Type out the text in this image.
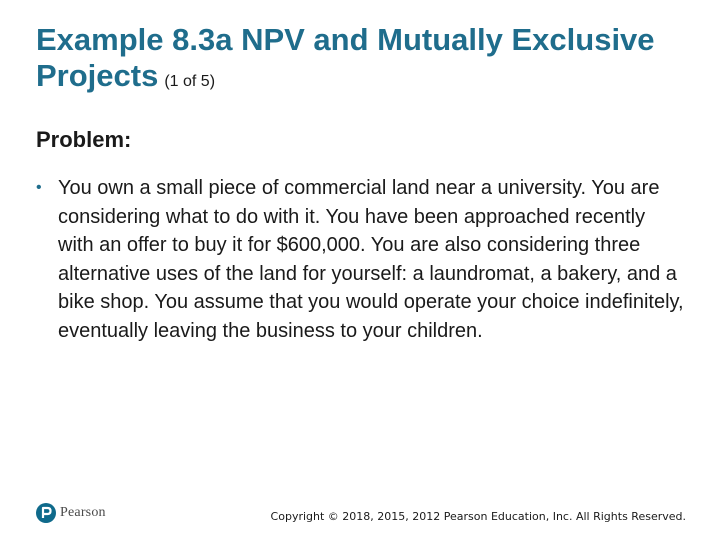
Example 8.3a NPV and Mutually Exclusive Projects (1 of 5)
Problem:
• You own a small piece of commercial land near a university. You are considering what to do with it. You have been approached recently with an offer to buy it for $600,000. You are also considering three alternative uses of the land for yourself: a laundromat, a bakery, and a bike shop. You assume that you would operate your choice indefinitely, eventually leaving the business to your children.
Pearson	Copyright © 2018, 2015, 2012 Pearson Education, Inc. All Rights Reserved.
